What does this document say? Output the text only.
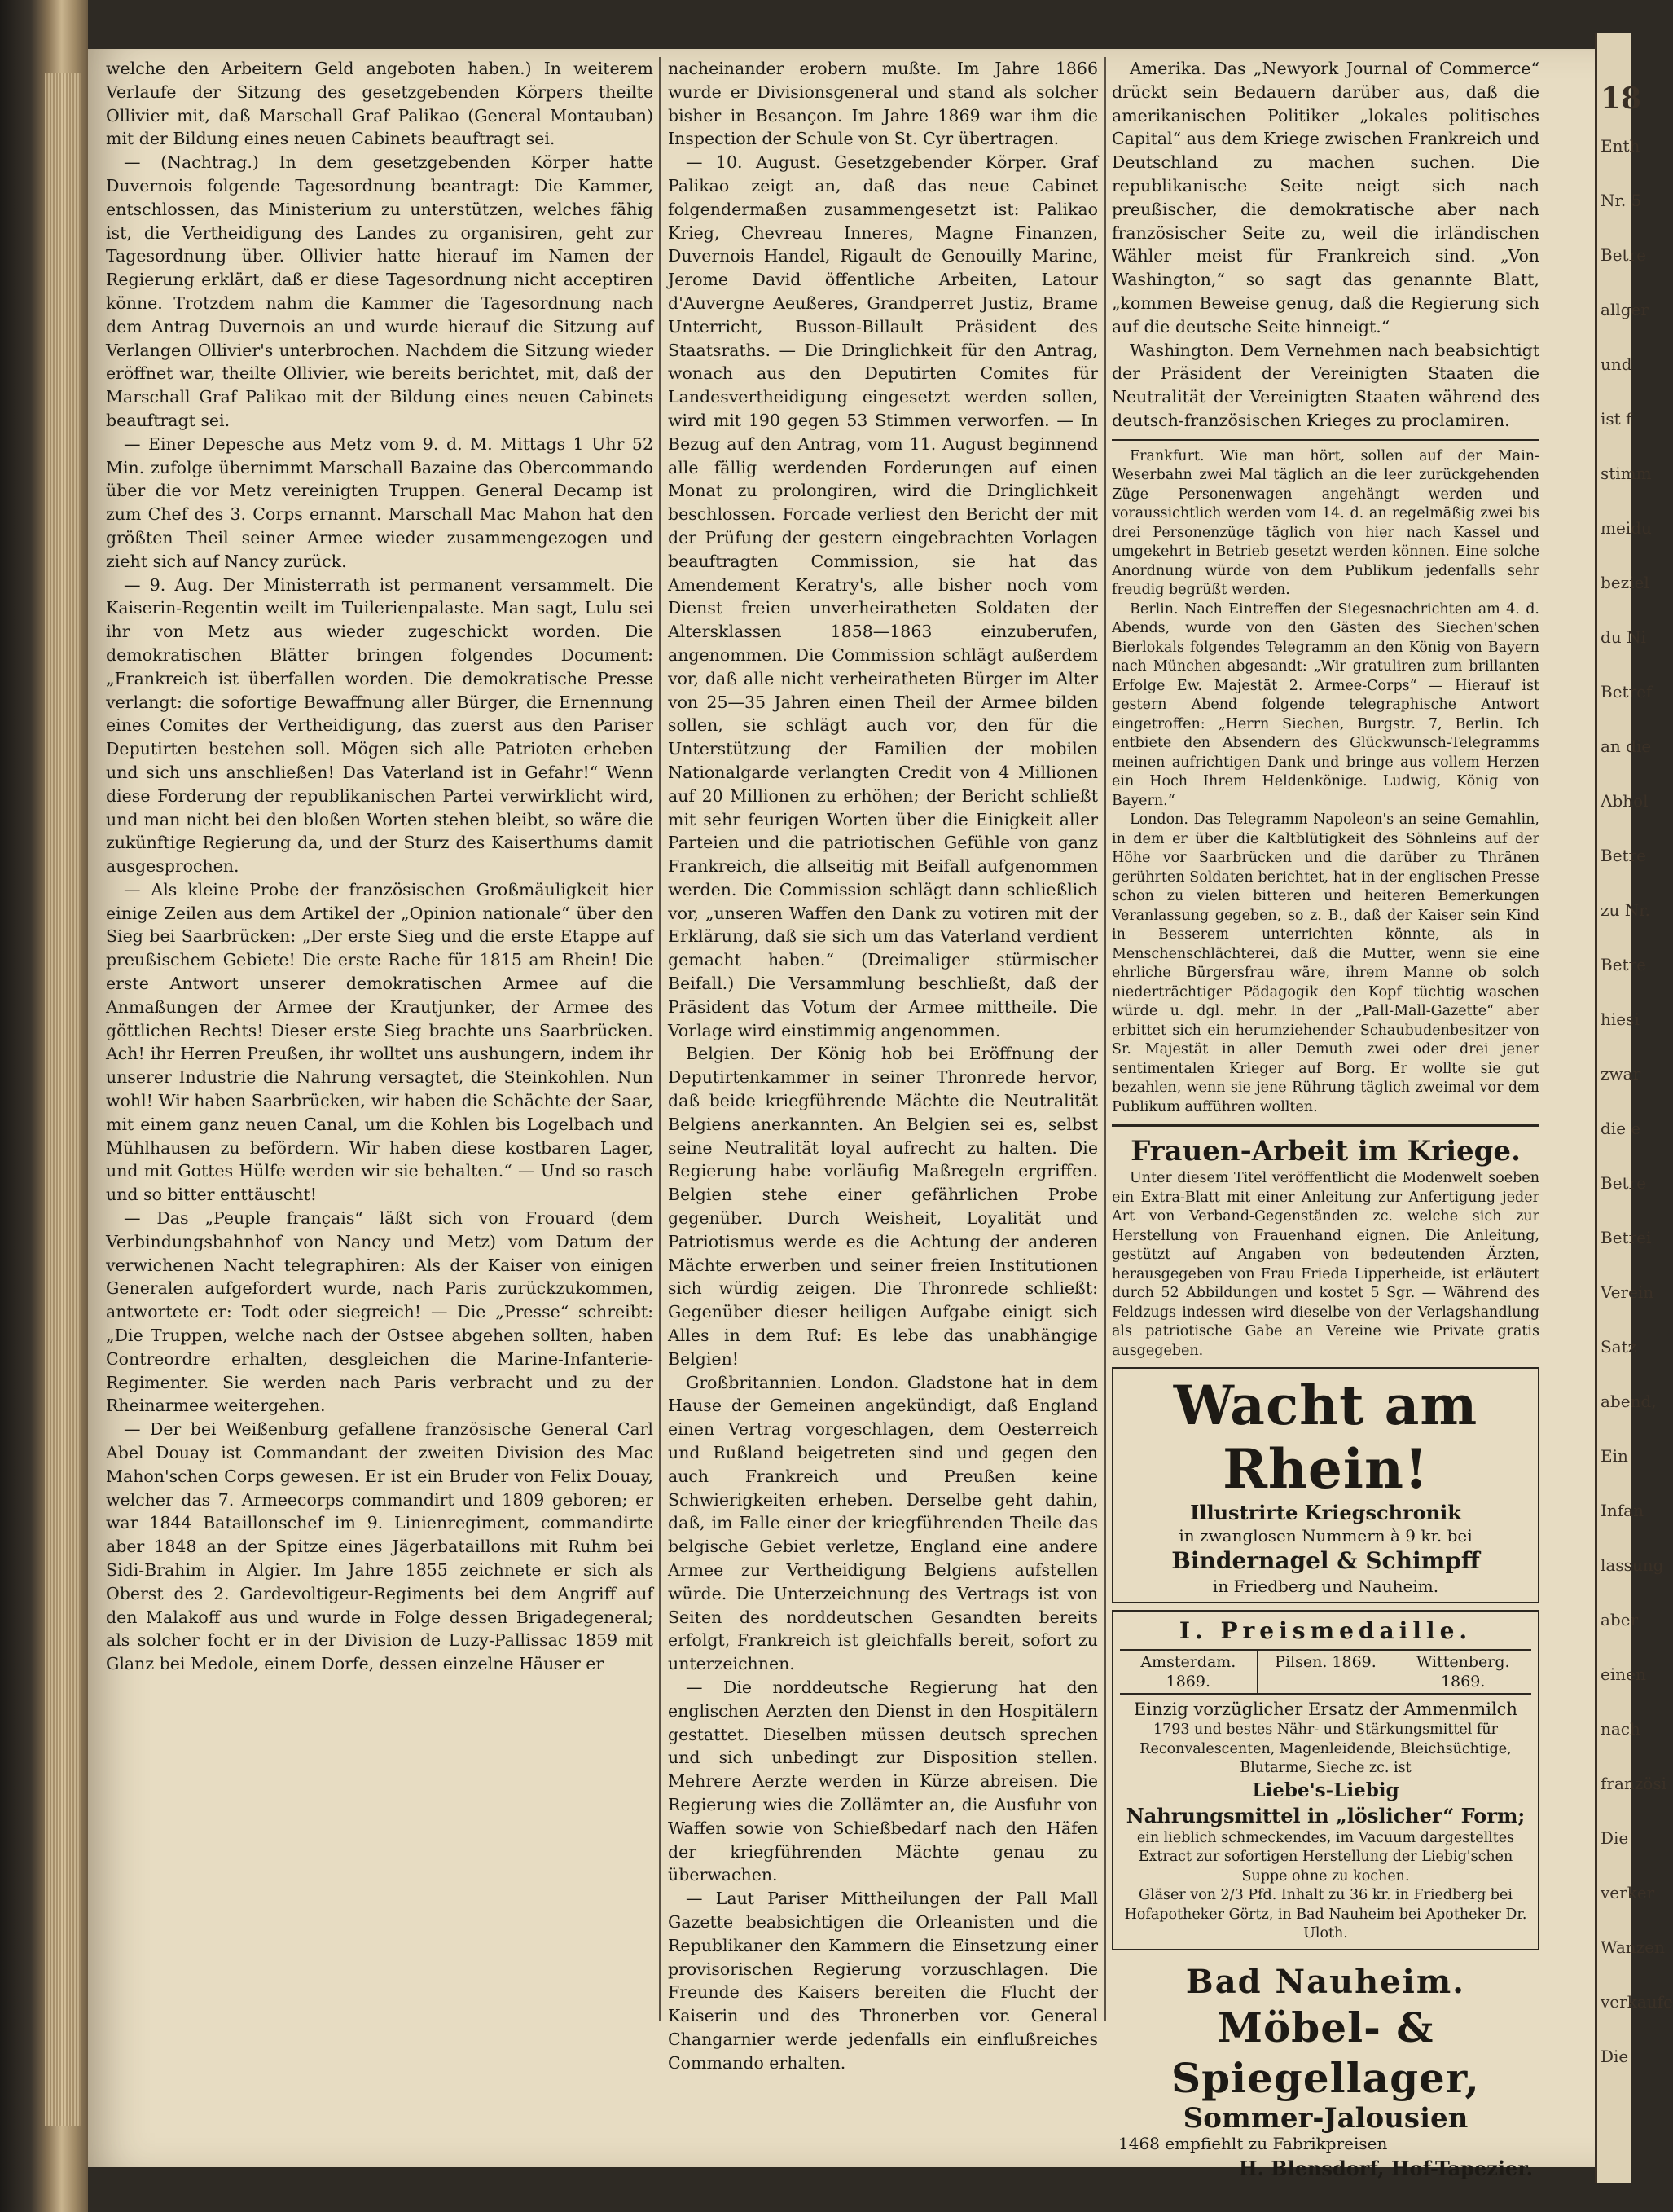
18
Enth
Nr. 5
Betre
allger
und
ist f
stimm
meidu
beziel
du Ni
Betref
an die
Abhol
Betre
zu Nr.
Betre
hiesi
zwar
die e
Betre
Betrei
Verein
Satz
abend,
Ein
Infan
lassung
aber
einen
nach
französi
Die
verker
Wanzen
verkaufe
Die

welche den Arbeitern Geld angeboten haben.) In weiterem Verlaufe der Sitzung des gesetzgebenden Körpers theilte Ollivier mit, daß Marschall Graf Palikao (General Montauban) mit der Bildung eines neuen Cabinets beauftragt sei.

— (Nachtrag.) In dem gesetzgebenden Körper hatte Duvernois folgende Tagesordnung beantragt: Die Kammer, entschlossen, das Ministerium zu unterstützen, welches fähig ist, die Vertheidigung des Landes zu organisiren, geht zur Tagesordnung über. Ollivier hatte hierauf im Namen der Regierung erklärt, daß er diese Tagesordnung nicht acceptiren könne. Trotzdem nahm die Kammer die Tagesordnung nach dem Antrag Duvernois an und wurde hierauf die Sitzung auf Verlangen Ollivier's unterbrochen. Nachdem die Sitzung wieder eröffnet war, theilte Ollivier, wie bereits berichtet, mit, daß der Marschall Graf Palikao mit der Bildung eines neuen Cabinets beauftragt sei.

— Einer Depesche aus Metz vom 9. d. M. Mittags 1 Uhr 52 Min. zufolge übernimmt Marschall Bazaine das Obercommando über die vor Metz vereinigten Truppen. General Decamp ist zum Chef des 3. Corps ernannt. Marschall Mac Mahon hat den größten Theil seiner Armee wieder zusammengezogen und zieht sich auf Nancy zurück.

— 9. Aug. Der Ministerrath ist permanent versammelt. Die Kaiserin-Regentin weilt im Tuilerienpalaste. Man sagt, Lulu sei ihr von Metz aus wieder zugeschickt worden. Die demokratischen Blätter bringen folgendes Document: „Frankreich ist überfallen worden. Die demokratische Presse verlangt: die sofortige Bewaffnung aller Bürger, die Ernennung eines Comites der Vertheidigung, das zuerst aus den Pariser Deputirten bestehen soll. Mögen sich alle Patrioten erheben und sich uns anschließen! Das Vaterland ist in Gefahr!“ Wenn diese Forderung der republikanischen Partei verwirklicht wird, und man nicht bei den bloßen Worten stehen bleibt, so wäre die zukünftige Regierung da, und der Sturz des Kaiserthums damit ausgesprochen.

— Als kleine Probe der französischen Großmäuligkeit hier einige Zeilen aus dem Artikel der „Opinion nationale“ über den Sieg bei Saarbrücken: „Der erste Sieg und die erste Etappe auf preußischem Gebiete! Die erste Rache für 1815 am Rhein! Die erste Antwort unserer demokratischen Armee auf die Anmaßungen der Armee der Krautjunker, der Armee des göttlichen Rechts! Dieser erste Sieg brachte uns Saarbrücken. Ach! ihr Herren Preußen, ihr wolltet uns aushungern, indem ihr unserer Industrie die Nahrung versagtet, die Steinkohlen. Nun wohl! Wir haben Saarbrücken, wir haben die Schächte der Saar, mit einem ganz neuen Canal, um die Kohlen bis Logelbach und Mühlhausen zu befördern. Wir haben diese kostbaren Lager, und mit Gottes Hülfe werden wir sie behalten.“ — Und so rasch und so bitter enttäuscht!

— Das „Peuple français“ läßt sich von Frouard (dem Verbindungsbahnhof von Nancy und Metz) vom Datum der verwichenen Nacht telegraphiren: Als der Kaiser von einigen Generalen aufgefordert wurde, nach Paris zurückzukommen, antwortete er: Todt oder siegreich! — Die „Presse“ schreibt: „Die Truppen, welche nach der Ostsee abgehen sollten, haben Contreordre erhalten, desgleichen die Marine-Infanterie-Regimenter. Sie werden nach Paris verbracht und zu der Rheinarmee weitergehen.

— Der bei Weißenburg gefallene französische General Carl Abel Douay ist Commandant der zweiten Division des Mac Mahon'schen Corps gewesen. Er ist ein Bruder von Felix Douay, welcher das 7. Armeecorps commandirt und 1809 geboren; er war 1844 Bataillonschef im 9. Linienregiment, commandirte aber 1848 an der Spitze eines Jägerbataillons mit Ruhm bei Sidi-Brahim in Algier. Im Jahre 1855 zeichnete er sich als Oberst des 2. Gardevoltigeur-Regiments bei dem Angriff auf den Malakoff aus und wurde in Folge dessen Brigadegeneral; als solcher focht er in der Division de Luzy-Pallissac 1859 mit Glanz bei Medole, einem Dorfe, dessen einzelne Häuser er

nacheinander erobern mußte. Im Jahre 1866 wurde er Divisionsgeneral und stand als solcher bisher in Besançon. Im Jahre 1869 war ihm die Inspection der Schule von St. Cyr übertragen.

— 10. August. Gesetzgebender Körper. Graf Palikao zeigt an, daß das neue Cabinet folgendermaßen zusammengesetzt ist: Palikao Krieg, Chevreau Inneres, Magne Finanzen, Duvernois Handel, Rigault de Genouilly Marine, Jerome David öffentliche Arbeiten, Latour d'Auvergne Aeußeres, Grandperret Justiz, Brame Unterricht, Busson-Billault Präsident des Staatsraths. — Die Dringlichkeit für den Antrag, wonach aus den Deputirten Comites für Landesvertheidigung eingesetzt werden sollen, wird mit 190 gegen 53 Stimmen verworfen. — In Bezug auf den Antrag, vom 11. August beginnend alle fällig werdenden Forderungen auf einen Monat zu prolongiren, wird die Dringlichkeit beschlossen. Forcade verliest den Bericht der mit der Prüfung der gestern eingebrachten Vorlagen beauftragten Commission, sie hat das Amendement Keratry's, alle bisher noch vom Dienst freien unverheiratheten Soldaten der Altersklassen 1858—1863 einzuberufen, angenommen. Die Commission schlägt außerdem vor, daß alle nicht verheiratheten Bürger im Alter von 25—35 Jahren einen Theil der Armee bilden sollen, sie schlägt auch vor, den für die Unterstützung der Familien der mobilen Nationalgarde verlangten Credit von 4 Millionen auf 20 Millionen zu erhöhen; der Bericht schließt mit sehr feurigen Worten über die Einigkeit aller Parteien und die patriotischen Gefühle von ganz Frankreich, die allseitig mit Beifall aufgenommen werden. Die Commission schlägt dann schließlich vor, „unseren Waffen den Dank zu votiren mit der Erklärung, daß sie sich um das Vaterland verdient gemacht haben.“ (Dreimaliger stürmischer Beifall.) Die Versammlung beschließt, daß der Präsident das Votum der Armee mittheile. Die Vorlage wird einstimmig angenommen.

Belgien. Der König hob bei Eröffnung der Deputirtenkammer in seiner Thronrede hervor, daß beide kriegführende Mächte die Neutralität Belgiens anerkannten. An Belgien sei es, selbst seine Neutralität loyal aufrecht zu halten. Die Regierung habe vorläufig Maßregeln ergriffen. Belgien stehe einer gefährlichen Probe gegenüber. Durch Weisheit, Loyalität und Patriotismus werde es die Achtung der anderen Mächte erwerben und seiner freien Institutionen sich würdig zeigen. Die Thronrede schließt: Gegenüber dieser heiligen Aufgabe einigt sich Alles in dem Ruf: Es lebe das unabhängige Belgien!

Großbritannien. London. Gladstone hat in dem Hause der Gemeinen angekündigt, daß England einen Vertrag vorgeschlagen, dem Oesterreich und Rußland beigetreten sind und gegen den auch Frankreich und Preußen keine Schwierigkeiten erheben. Derselbe geht dahin, daß, im Falle einer der kriegführenden Theile das belgische Gebiet verletze, England eine andere Armee zur Vertheidigung Belgiens aufstellen würde. Die Unterzeichnung des Vertrags ist von Seiten des norddeutschen Gesandten bereits erfolgt, Frankreich ist gleichfalls bereit, sofort zu unterzeichnen.

— Die norddeutsche Regierung hat den englischen Aerzten den Dienst in den Hospitälern gestattet. Dieselben müssen deutsch sprechen und sich unbedingt zur Disposition stellen. Mehrere Aerzte werden in Kürze abreisen. Die Regierung wies die Zollämter an, die Ausfuhr von Waffen sowie von Schießbedarf nach den Häfen der kriegführenden Mächte genau zu überwachen.

— Laut Pariser Mittheilungen der Pall Mall Gazette beabsichtigen die Orleanisten und die Republikaner den Kammern die Einsetzung einer provisorischen Regierung vorzuschlagen. Die Freunde des Kaisers bereiten die Flucht der Kaiserin und des Thronerben vor. General Changarnier werde jedenfalls ein einflußreiches Commando erhalten.

Amerika. Das „Newyork Journal of Commerce“ drückt sein Bedauern darüber aus, daß die amerikanischen Politiker „lokales politisches Capital“ aus dem Kriege zwischen Frankreich und Deutschland zu machen suchen. Die republikanische Seite neigt sich nach preußischer, die demokratische aber nach französischer Seite zu, weil die irländischen Wähler meist für Frankreich sind. „Von Washington,“ so sagt das genannte Blatt, „kommen Beweise genug, daß die Regierung sich auf die deutsche Seite hinneigt.“

Washington. Dem Vernehmen nach beabsichtigt der Präsident der Vereinigten Staaten die Neutralität der Vereinigten Staaten während des deutsch-französischen Krieges zu proclamiren.

Frankfurt. Wie man hört, sollen auf der Main-Weserbahn zwei Mal täglich an die leer zurückgehenden Züge Personenwagen angehängt werden und voraussichtlich werden vom 14. d. an regelmäßig zwei bis drei Personenzüge täglich von hier nach Kassel und umgekehrt in Betrieb gesetzt werden können. Eine solche Anordnung würde von dem Publikum jedenfalls sehr freudig begrüßt werden.

Berlin. Nach Eintreffen der Siegesnachrichten am 4. d. Abends, wurde von den Gästen des Siechen'schen Bierlokals folgendes Telegramm an den König von Bayern nach München abgesandt: „Wir gratuliren zum brillanten Erfolge Ew. Majestät 2. Armee-Corps“ — Hierauf ist gestern Abend folgende telegraphische Antwort eingetroffen: „Herrn Siechen, Burgstr. 7, Berlin. Ich entbiete den Absendern des Glückwunsch-Telegramms meinen aufrichtigen Dank und bringe aus vollem Herzen ein Hoch Ihrem Heldenkönige. Ludwig, König von Bayern.“

London. Das Telegramm Napoleon's an seine Gemahlin, in dem er über die Kaltblütigkeit des Söhnleins auf der Höhe vor Saarbrücken und die darüber zu Thränen gerührten Soldaten berichtet, hat in der englischen Presse schon zu vielen bitteren und heiteren Bemerkungen Veranlassung gegeben, so z. B., daß der Kaiser sein Kind in Besserem unterrichten könnte, als in Menschenschlächterei, daß die Mutter, wenn sie eine ehrliche Bürgersfrau wäre, ihrem Manne ob solch niederträchtiger Pädagogik den Kopf tüchtig waschen würde u. dgl. mehr. In der „Pall-Mall-Gazette“ aber erbittet sich ein herumziehender Schaubudenbesitzer von Sr. Majestät in aller Demuth zwei oder drei jener sentimentalen Krieger auf Borg. Er wollte sie gut bezahlen, wenn sie jene Rührung täglich zweimal vor dem Publikum aufführen wollten.

Frauen-Arbeit im Kriege.

Unter diesem Titel veröffentlicht die Modenwelt soeben ein Extra-Blatt mit einer Anleitung zur Anfertigung jeder Art von Verband-Gegenständen zc. welche sich zur Herstellung von Frauenhand eignen. Die Anleitung, gestützt auf Angaben von bedeutenden Ärzten, herausgegeben von Frau Frieda Lipperheide, ist erläutert durch 52 Abbildungen und kostet 5 Sgr. — Während des Feldzugs indessen wird dieselbe von der Verlagshandlung als patriotische Gabe an Vereine wie Private gratis ausgegeben.

Wacht am Rhein!
Illustrirte Kriegschronik
in zwanglosen Nummern à 9 kr. bei
Bindernagel & Schimpff
in Friedberg und Nauheim.
I. Preismedaille.
Amsterdam. 1869.
Pilsen. 1869.	Wittenberg. 1869.
Einzig vorzüglicher Ersatz der Ammenmilch
1793 und bestes Nähr- und Stärkungsmittel für Reconvalescenten, Magenleidende, Bleichsüchtige, Blutarme, Sieche zc. ist
Liebe's-Liebig
Nahrungsmittel in „löslicher“ Form;
ein lieblich schmeckendes, im Vacuum dargestelltes Extract zur sofortigen Herstellung der Liebig'schen Suppe ohne zu kochen.
Gläser von 2/3 Pfd. Inhalt zu 36 kr. in Friedberg bei Hofapotheker Görtz, in Bad Nauheim bei Apotheker Dr. Uloth.
Bad Nauheim.
Möbel- & Spiegellager,
Sommer-Jalousien
1468 empfiehlt zu Fabrikpreisen
H. Blensdorf, Hof-Tapezier.
